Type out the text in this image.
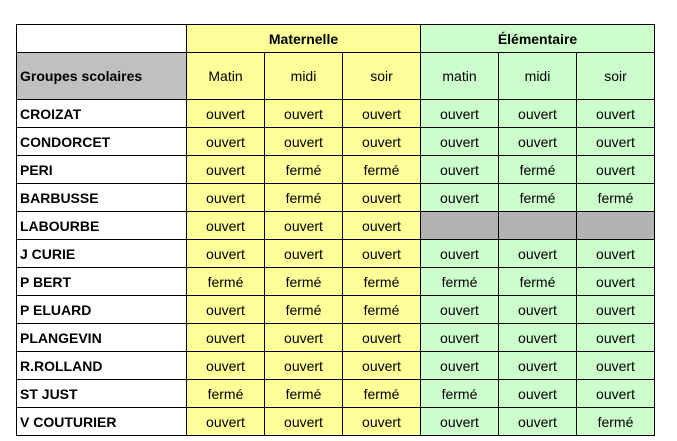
	Maternelle			Élémentaire		
Groupes scolaires	Matin	midi	soir	matin	midi	soir
CROIZAT	ouvert	ouvert	ouvert	ouvert	ouvert	ouvert
CONDORCET	ouvert	ouvert	ouvert	ouvert	ouvert	ouvert
PERI	ouvert	fermé	fermé	ouvert	fermé	ouvert
BARBUSSE	ouvert	fermé	ouvert	ouvert	fermé	fermé
LABOURBE	ouvert	ouvert	ouvert			
J CURIE	ouvert	ouvert	ouvert	ouvert	ouvert	ouvert
P BERT	fermé	fermé	fermé	fermé	fermé	ouvert
P ELUARD	ouvert	fermé	fermé	ouvert	ouvert	ouvert
PLANGEVIN	ouvert	ouvert	ouvert	ouvert	ouvert	ouvert
R.ROLLAND	ouvert	ouvert	ouvert	ouvert	ouvert	ouvert
ST JUST	fermé	fermé	fermé	fermé	ouvert	ouvert
V COUTURIER	ouvert	ouvert	ouvert	ouvert	ouvert	fermé
